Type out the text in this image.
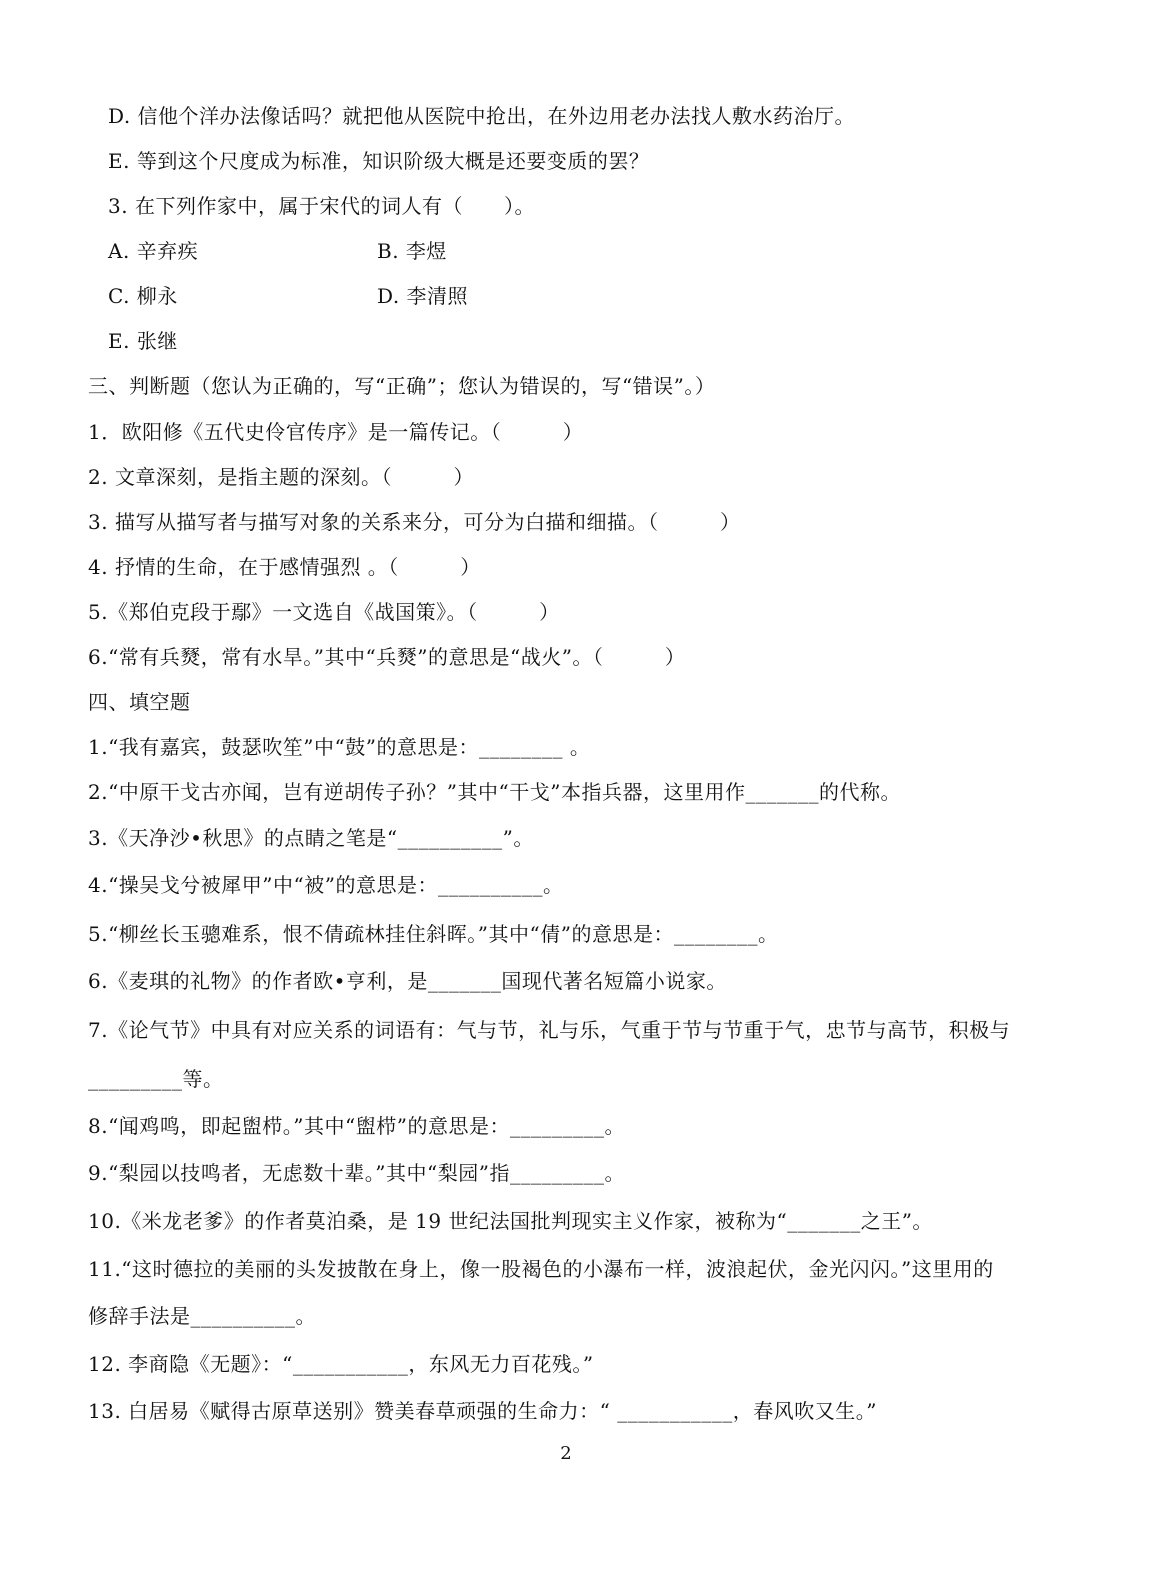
D. 信他个洋办法像话吗？就把他从医院中抢出，在外边用老办法找人敷水药治厅。
E. 等到这个尺度成为标准，知识阶级大概是还要变质的罢？
3. 在下列作家中，属于宋代的词人有（　　）。
A. 辛弃疾	B. 李煜
C. 柳永	D. 李清照
E. 张继
三、判断题（您认为正确的，写“正确”；您认为错误的，写“错误”。）
1．欧阳修《五代史伶官传序》是一篇传记。（　　　）
2. 文章深刻，是指主题的深刻。（　　　）
3. 描写从描写者与描写对象的关系来分，可分为白描和细描。（　　　）
4. 抒情的生命，在于感情强烈 。（　　　）
5.《郑伯克段于鄢》一文选自《战国策》。（　　　）
6.“常有兵燹，常有水旱。”其中“兵燹”的意思是“战火”。（　　　）
四、填空题
1.“我有嘉宾，鼓瑟吹笙”中“鼓”的意思是：________ 。
2.“中原干戈古亦闻，岂有逆胡传子孙？”其中“干戈”本指兵器，这里用作_______的代称。
3.《天净沙•秋思》的点睛之笔是“__________”。
4.“操吴戈兮被犀甲”中“被”的意思是：__________。
5.“柳丝长玉骢难系，恨不倩疏林挂住斜晖。”其中“倩”的意思是：________。
6.《麦琪的礼物》的作者欧•亨利，是_______国现代著名短篇小说家。
7.《论气节》中具有对应关系的词语有：气与节，礼与乐，气重于节与节重于气，忠节与高节，积极与
_________等。
8.“闻鸡鸣，即起盥栉。”其中“盥栉”的意思是：_________。
9.“梨园以技鸣者，无虑数十辈。”其中“梨园”指_________。
10.《米龙老爹》的作者莫泊桑，是 19 世纪法国批判现实主义作家，被称为“_______之王”。
11.“这时德拉的美丽的头发披散在身上，像一股褐色的小瀑布一样，波浪起伏，金光闪闪。”这里用的
修辞手法是__________。
12. 李商隐《无题》：“___________，东风无力百花残。”
13. 白居易《赋得古原草送别》赞美春草顽强的生命力：“ ___________，春风吹又生。”
2
